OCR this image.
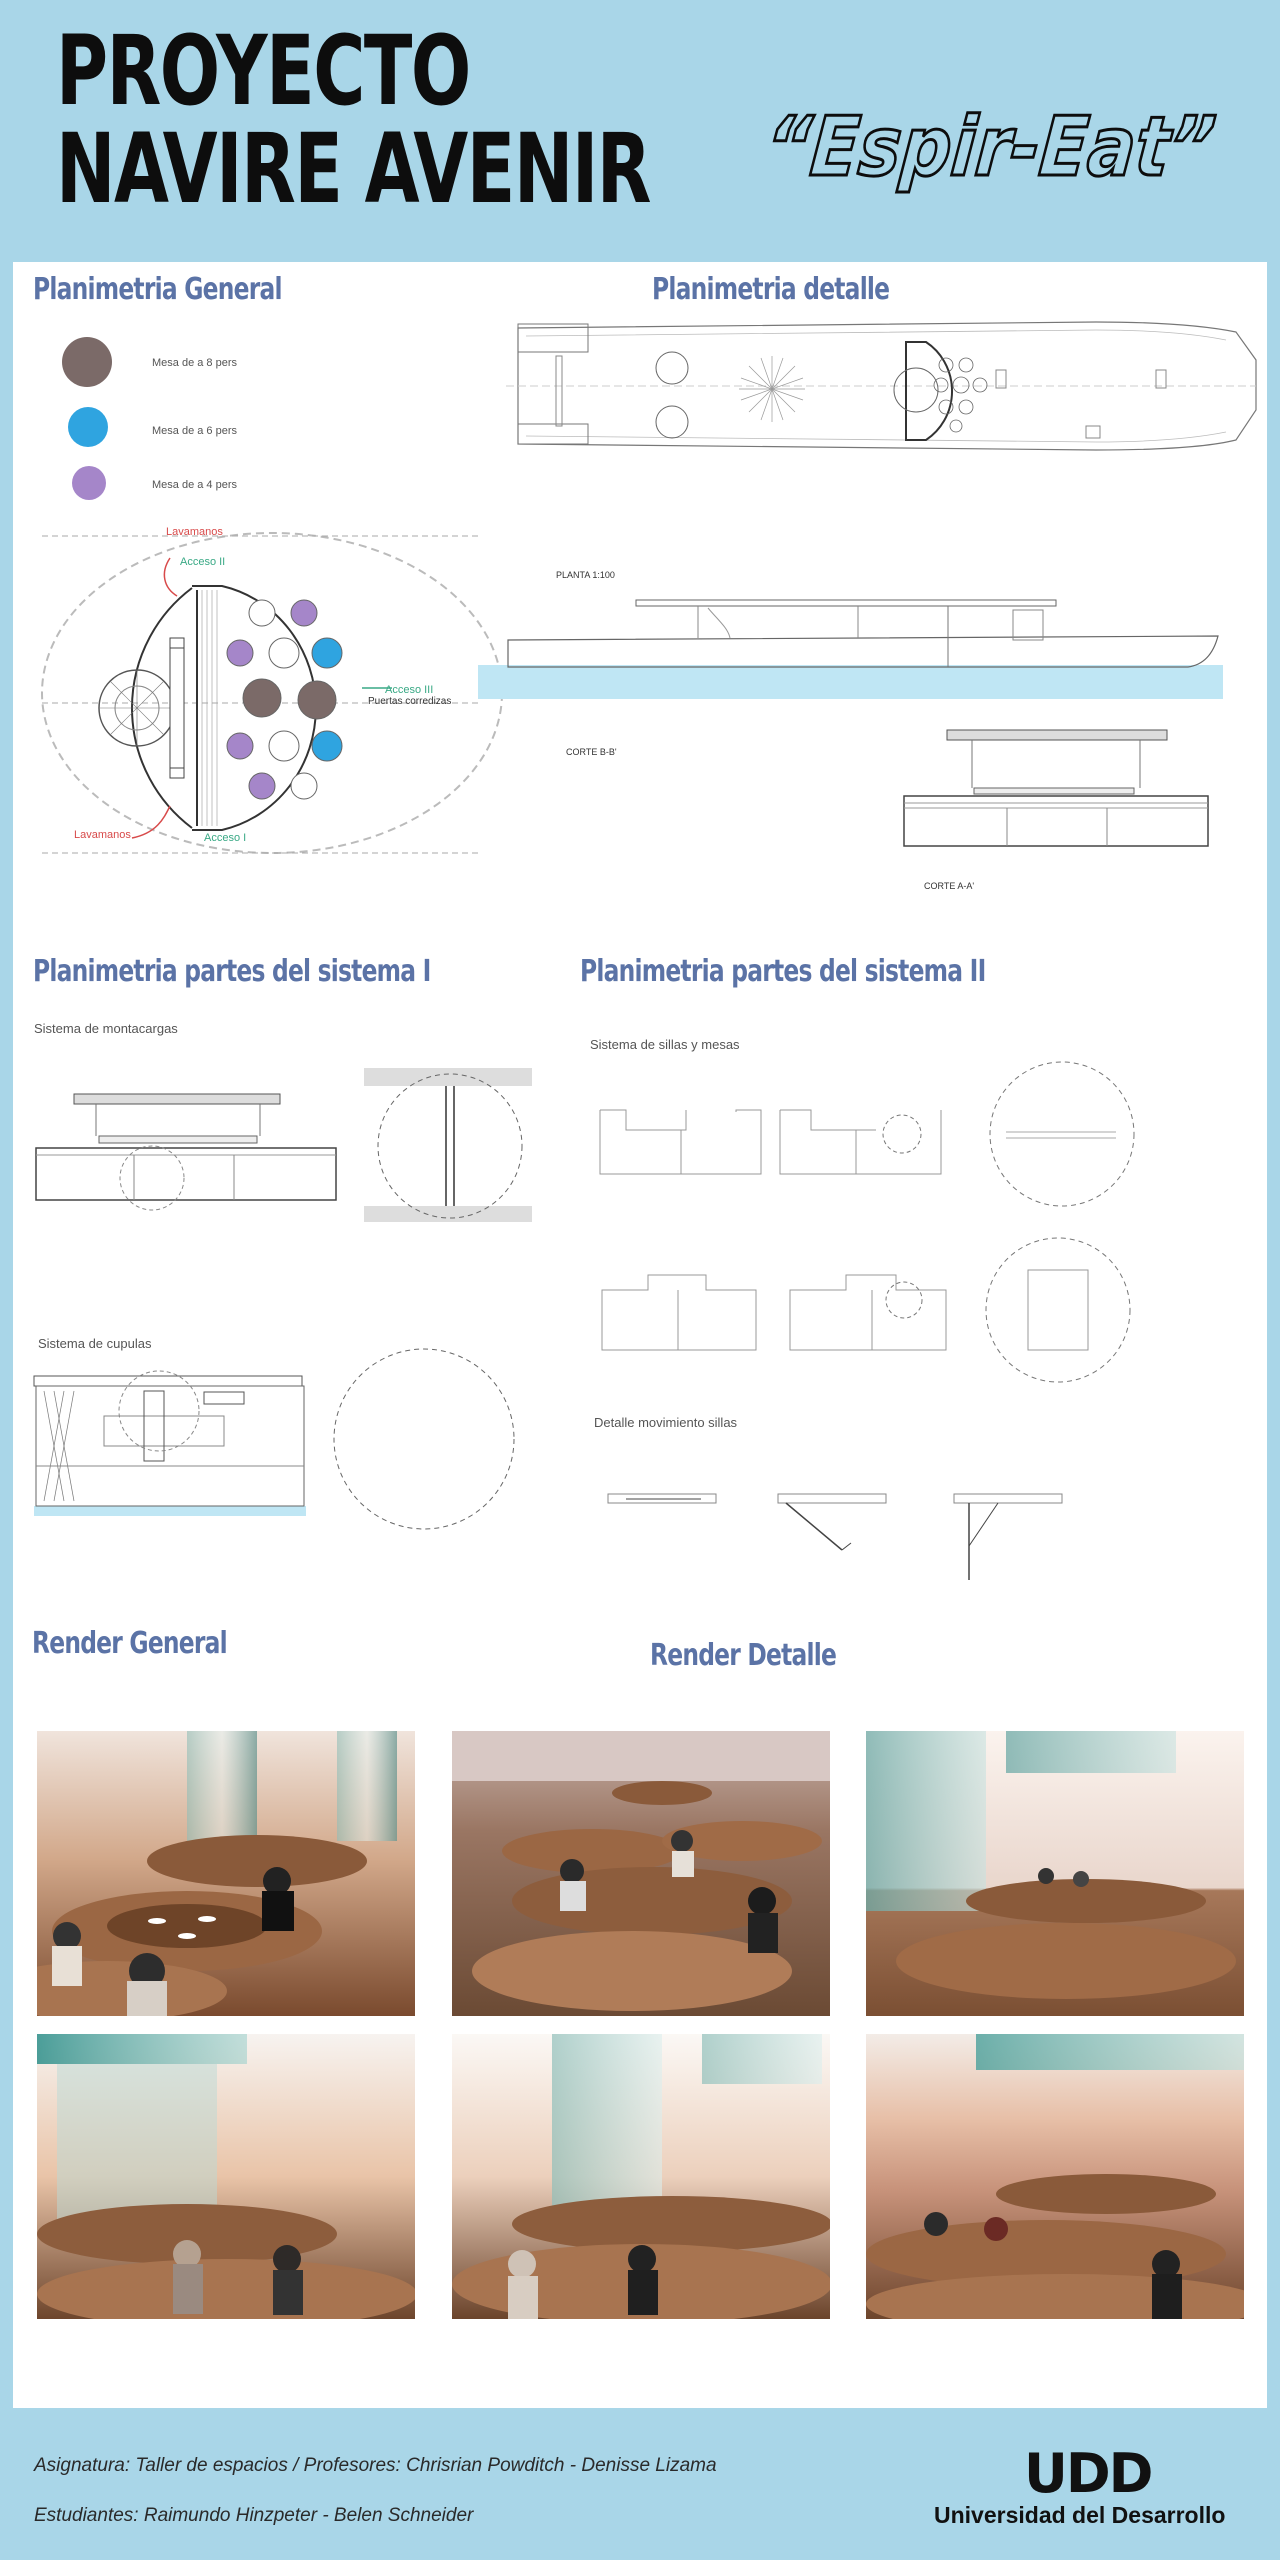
PROYECTO
NAVIRE AVENIR “Espir-Eat”
Planimetria General	Planimetria detalle
Planimetria partes del sistema I	Planimetria partes del sistema II
Render General	Render Detalle
Mesa de a 8 pers
Mesa de a 6 pers
Mesa de a 4 pers
Lavamanos
Acceso II
Acceso III
Puertas corredizas
Lavamanos	Acceso I
PLANTA 1:100
CORTE B-B'
CORTE A-A'
Sistema de montacargas
Sistema de cupulas
Sistema de sillas y mesas
Detalle movimiento sillas
Asignatura: Taller de espacios / Profesores: Chrisrian Powditch - Denisse Lizama
Estudiantes: Raimundo Hinzpeter - Belen Schneider
UDD
Universidad del Desarrollo
